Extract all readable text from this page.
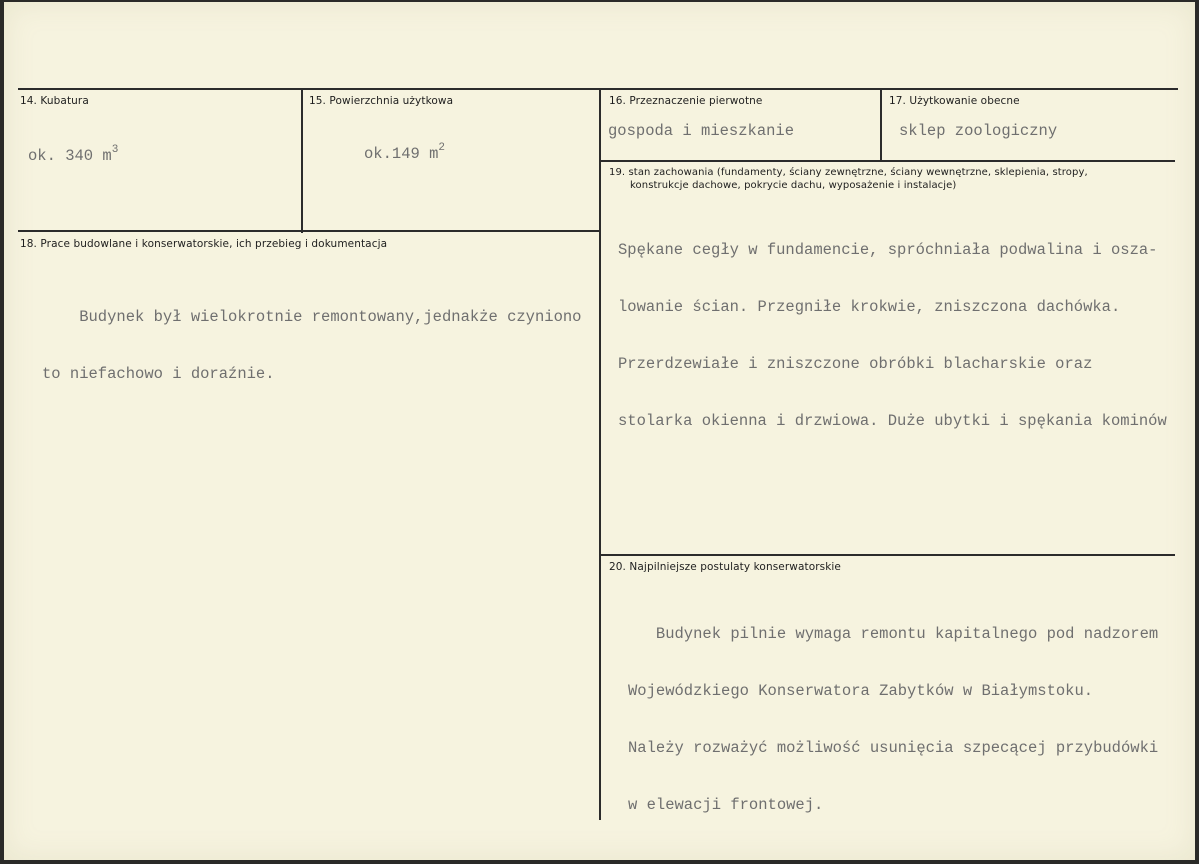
14. Kubatura
ok. 340 $m^3$
15. Powierzchnia użytkowa
ok.149 $m^2$
16. Przeznaczenie pierwotne
gospoda i mieszkanie
17. Użytkowanie obecne
sklep zoologiczny
18. Prace budowlane i konserwatorskie, ich przebieg i dokumentacja

Budynek był wielokrotnie remontowany,jednakże czyniono

to niefachowo i doraźnie.

19. stan zachowania (fundamenty, ściany zewnętrzne, ściany wewnętrzne, sklepienia, stropy,
konstrukcje dachowe, pokrycie dachu, wyposażenie i instalacje)

Spękane cegły w fundamencie, spróchniała podwalina i osza-

lowanie ścian. Przegniłe krokwie, zniszczona dachówka.

Przerdzewiałe i zniszczone obróbki blacharskie oraz

stolarka okienna i drzwiowa. Duże ubytki i spękania kominów

20. Najpilniejsze postulaty konserwatorskie

Budynek pilnie wymaga remontu kapitalnego pod nadzorem

Wojewódzkiego Konserwatora Zabytków w Białymstoku.

Należy rozważyć możliwość usunięcia szpecącej przybudówki

w elewacji frontowej.
